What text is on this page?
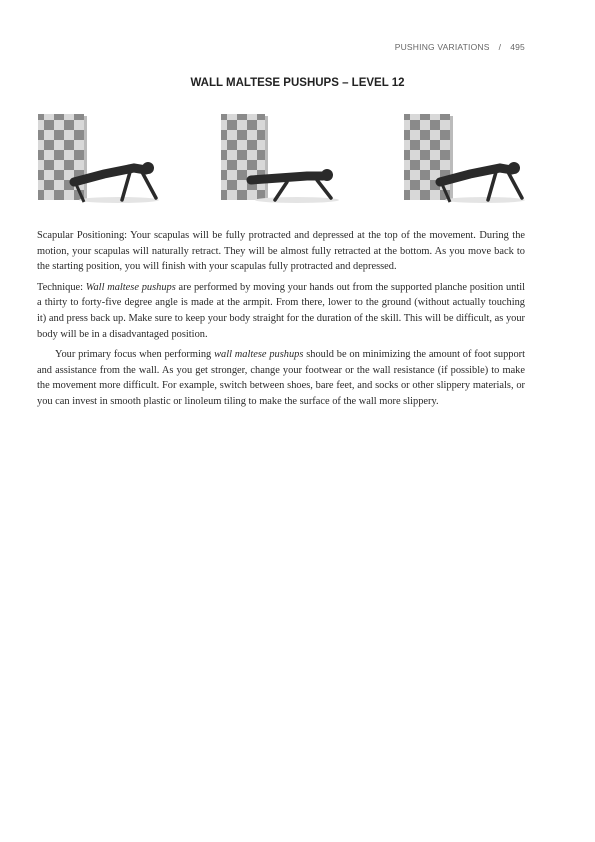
PUSHING VARIATIONS / 495
WALL MALTESE PUSHUPS – LEVEL 12

Scapular Positioning: Your scapulas will be fully protracted and depressed at the top of the movement. During the motion, your scapulas will naturally retract. They will be almost fully retracted at the bottom. As you move back to the starting position, you will finish with your scapulas fully protracted and depressed.

Technique: Wall maltese pushups are performed by moving your hands out from the supported planche position until a thirty to forty-five degree angle is made at the armpit. From there, lower to the ground (without actually touching it) and press back up. Make sure to keep your body straight for the duration of the skill. This will be difficult, as your body will be in a disadvantaged position.

Your primary focus when performing wall maltese pushups should be on minimizing the amount of foot support and assistance from the wall. As you get stronger, change your footwear or the wall resistance (if possible) to make the movement more difficult. For example, switch between shoes, bare feet, and socks or other slippery materials, or you can invest in smooth plastic or linoleum tiling to make the surface of the wall more slippery.
